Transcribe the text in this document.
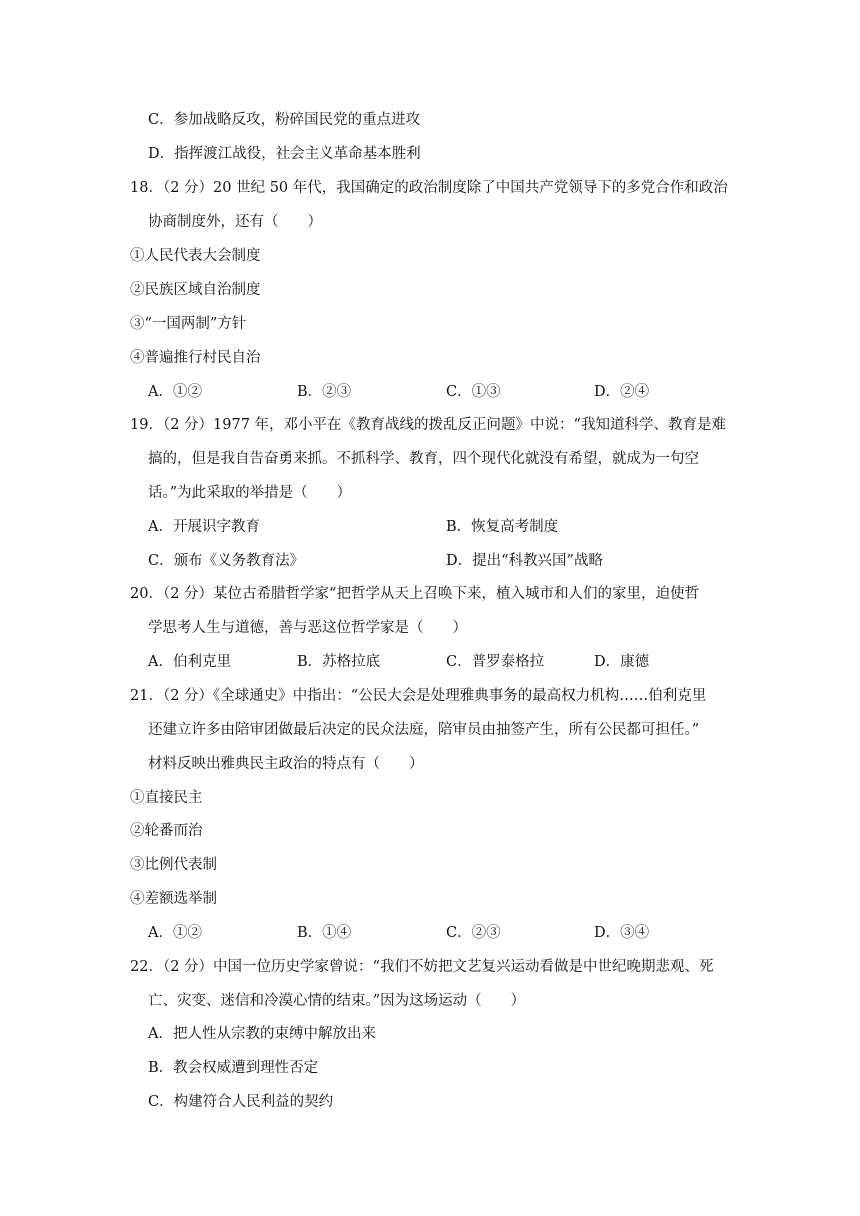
C．参加战略反攻，粉碎国民党的重点进攻
D．指挥渡江战役，社会主义革命基本胜利
18．（2 分）20 世纪 50 年代，我国确定的政治制度除了中国共产党领导下的多党合作和政治
协商制度外，还有（　　）
①人民代表大会制度
②民族区域自治制度
③“一国两制”方针
④普遍推行村民自治
A．①②	B．②③	C．①③	D．②④
19．（2 分）1977 年，邓小平在《教育战线的拨乱反正问题》中说：“我知道科学、教育是难
搞的，但是我自告奋勇来抓。不抓科学、教育，四个现代化就没有希望，就成为一句空
话。”为此采取的举措是（　　）
A．开展识字教育	B．恢复高考制度
C．颁布《义务教育法》	D．提出“科教兴国”战略
20．（2 分）某位古希腊哲学家“把哲学从天上召唤下来，植入城市和人们的家里，迫使哲
学思考人生与道德，善与恶这位哲学家是（　　）
A．伯利克里	B．苏格拉底	C．普罗泰格拉	D．康德
21．（2 分）《全球通史》中指出：“公民大会是处理雅典事务的最高权力机构……伯利克里
还建立许多由陪审团做最后决定的民众法庭，陪审员由抽签产生，所有公民都可担任。”
材料反映出雅典民主政治的特点有（　　）
①直接民主
②轮番而治
③比例代表制
④差额选举制
A．①②	B．①④	C．②③	D．③④
22．（2 分）中国一位历史学家曾说：“我们不妨把文艺复兴运动看做是中世纪晚期悲观、死
亡、灾变、迷信和冷漠心情的结束。”因为这场运动（　　）
A．把人性从宗教的束缚中解放出来
B．教会权威遭到理性否定
C．构建符合人民利益的契约
